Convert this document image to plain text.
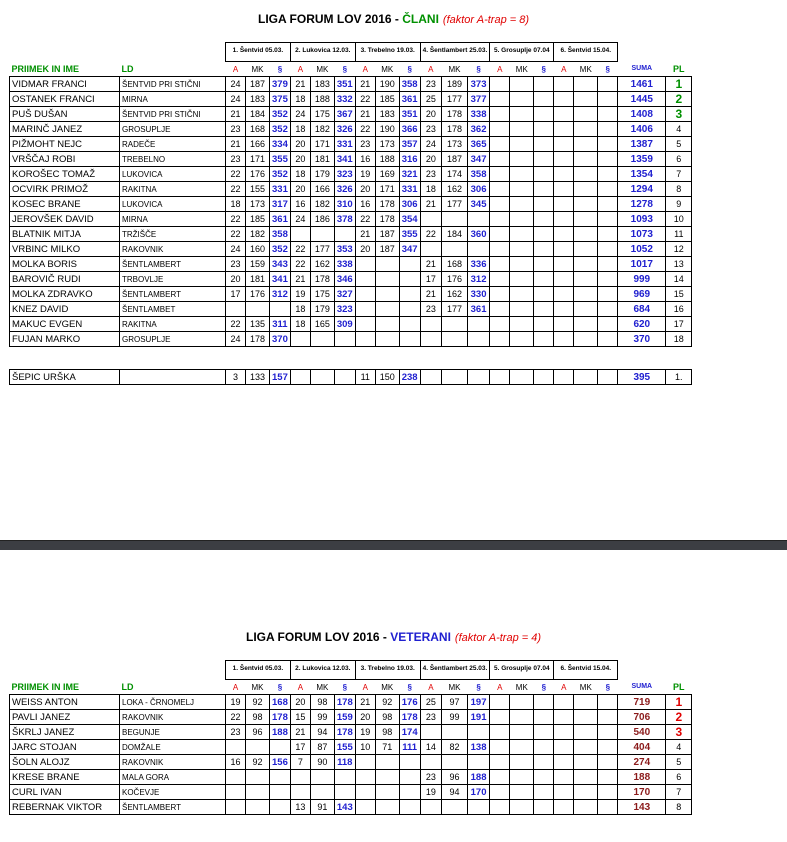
LIGA FORUM LOV 2016 - ČLANI (faktor A-trap = 8)
		1. Šentvid 05.03.			2. Lukovica 12.03.			3. Trebelno 19.03.			4. Šentlambert 25.03.			5. Grosuplje 07.04			6. Šentvid 15.04.				
PRIIMEK IN IME	LD	A	MK	§	A	MK	§	A	MK	§	A	MK	§	A	MK	§	A	MK	§	SUMA	PL
VIDMAR FRANCI	ŠENTVID PRI STIČNI	24	187	379	21	183	351	21	190	358	23	189	373							1461	1
OSTANEK FRANCI	MIRNA	24	183	375	18	188	332	22	185	361	25	177	377							1445	2
PUŠ DUŠAN	ŠENTVID PRI STIČNI	21	184	352	24	175	367	21	183	351	20	178	338							1408	3
MARINČ JANEZ	GROSUPLJE	23	168	352	18	182	326	22	190	366	23	178	362							1406	4
PIŽMOHT NEJC	RADEČE	21	166	334	20	171	331	23	173	357	24	173	365							1387	5
VRŠČAJ ROBI	TREBELNO	23	171	355	20	181	341	16	188	316	20	187	347							1359	6
KOROŠEC TOMAŽ	LUKOVICA	22	176	352	18	179	323	19	169	321	23	174	358							1354	7
OCVIRK PRIMOŽ	RAKITNA	22	155	331	20	166	326	20	171	331	18	162	306							1294	8
KOSEC BRANE	LUKOVICA	18	173	317	16	182	310	16	178	306	21	177	345							1278	9
JEROVŠEK DAVID	MIRNA	22	185	361	24	186	378	22	178	354										1093	10
BLATNIK MITJA	TRŽIŠČE	22	182	358				21	187	355	22	184	360							1073	11
VRBINC MILKO	RAKOVNIK	24	160	352	22	177	353	20	187	347										1052	12
MOLKA BORIS	ŠENTLAMBERT	23	159	343	22	162	338				21	168	336							1017	13
BAROVIČ RUDI	TRBOVLJE	20	181	341	21	178	346				17	176	312							999	14
MOLKA ZDRAVKO	ŠENTLAMBERT	17	176	312	19	175	327				21	162	330							969	15
KNEZ DAVID	ŠENTLAMBET				18	179	323				23	177	361							684	16
MAKUC EVGEN	RAKITNA	22	135	311	18	165	309													620	17
FUJAN MARKO	GROSUPLJE	24	178	370																370	18

ŠEPIC URŠKA		3	133	157				11	150	238										395	1.
LIGA FORUM LOV 2016 - VETERANI (faktor A-trap = 4)
		1. Šentvid 05.03.			2. Lukovica 12.03.			3. Trebelno 19.03.			4. Šentlambert 25.03.			5. Grosuplje 07.04			6. Šentvid 15.04.				
PRIIMEK IN IME	LD	A	MK	§	A	MK	§	A	MK	§	A	MK	§	A	MK	§	A	MK	§	SUMA	PL
WEISS ANTON	LOKA - ČRNOMELJ	19	92	168	20	98	178	21	92	176	25	97	197							719	1
PAVLI JANEZ	RAKOVNIK	22	98	178	15	99	159	20	98	178	23	99	191							706	2
ŠKRLJ JANEZ	BEGUNJE	23	96	188	21	94	178	19	98	174										540	3
JARC STOJAN	DOMŽALE				17	87	155	10	71	111	14	82	138							404	4
ŠOLN ALOJZ	RAKOVNIK	16	92	156	7	90	118													274	5
KRESE BRANE	MALA GORA										23	96	188							188	6
CURL IVAN	KOČEVJE										19	94	170							170	7
REBERNAK VIKTOR	ŠENTLAMBERT				13	91	143													143	8
